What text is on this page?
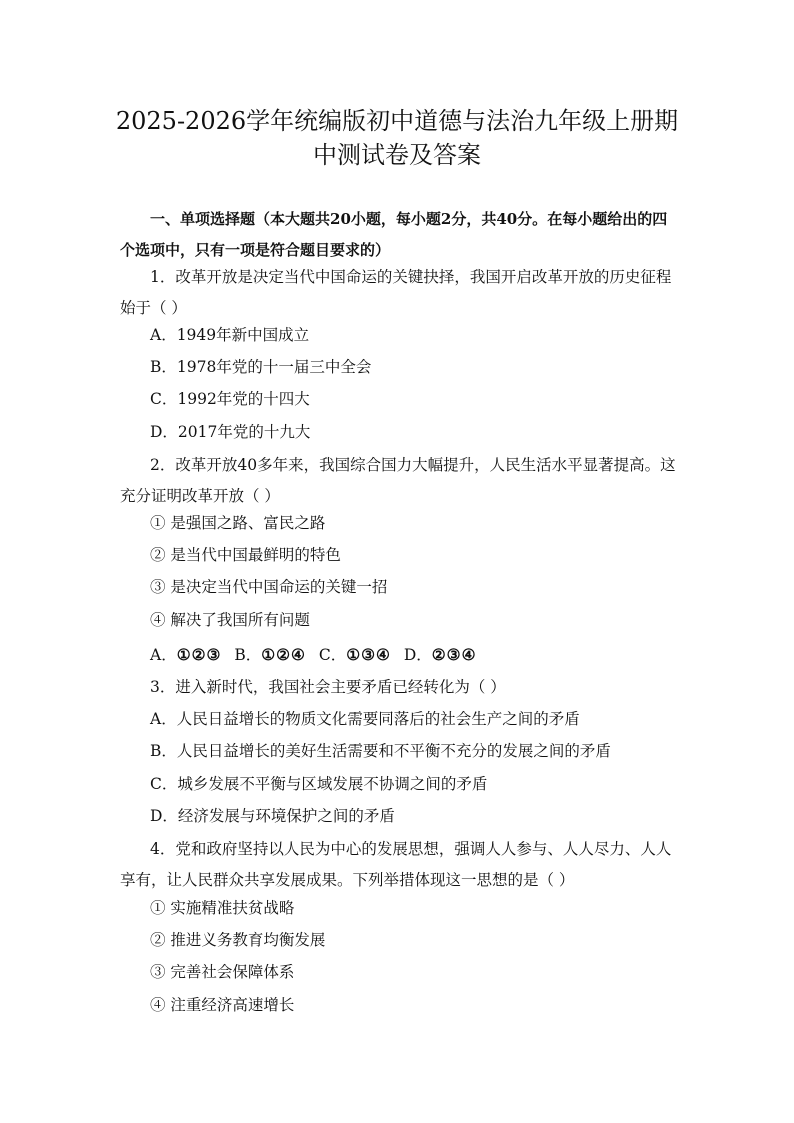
2025-2026学年统编版初中道德与法治九年级上册期
中测试卷及答案
一、单项选择题（本大题共20小题，每小题2分，共40分。在每小题给出的四个选项中，只有一项是符合题目要求的）
1．改革开放是决定当代中国命运的关键抉择，我国开启改革开放的历史征程始于（ ）
A．1949年新中国成立
B．1978年党的十一届三中全会
C．1992年党的十四大
D．2017年党的十九大
2．改革开放40多年来，我国综合国力大幅提升，人民生活水平显著提高。这充分证明改革开放（ ）
① 是强国之路、富民之路
② 是当代中国最鲜明的特色
③ 是决定当代中国命运的关键一招
④ 解决了我国所有问题
A．①②③ B．①②④ C．①③④ D．②③④
3．进入新时代，我国社会主要矛盾已经转化为（ ）
A．人民日益增长的物质文化需要同落后的社会生产之间的矛盾
B．人民日益增长的美好生活需要和不平衡不充分的发展之间的矛盾
C．城乡发展不平衡与区域发展不协调之间的矛盾
D．经济发展与环境保护之间的矛盾
4．党和政府坚持以人民为中心的发展思想，强调人人参与、人人尽力、人人享有，让人民群众共享发展成果。下列举措体现这一思想的是（ ）
① 实施精准扶贫战略
② 推进义务教育均衡发展
③ 完善社会保障体系
④ 注重经济高速增长
